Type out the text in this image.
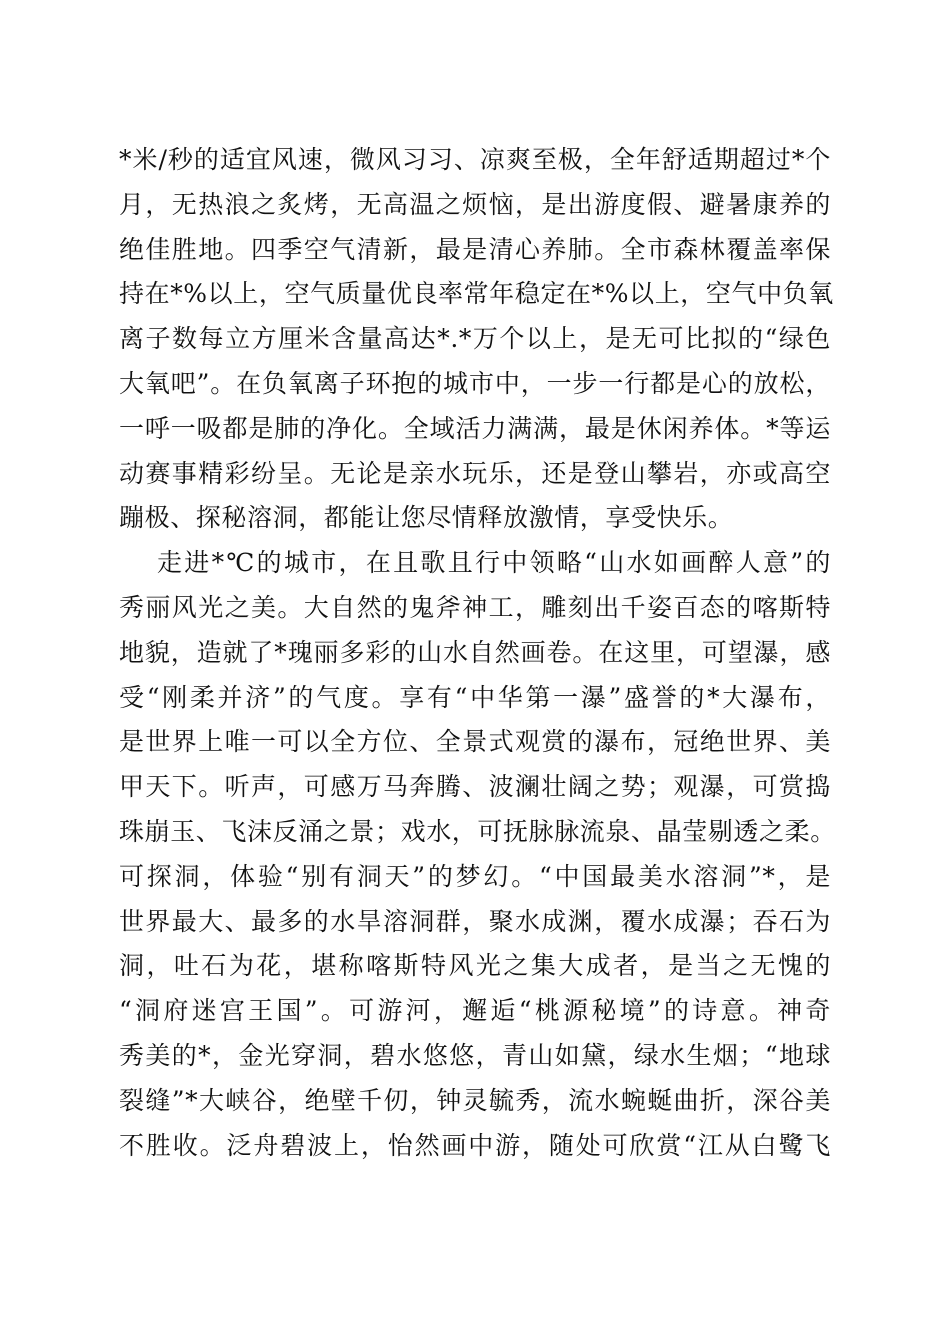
*米/秒的适宜风速，微风习习、凉爽至极，全年舒适期超过*个
月，无热浪之炙烤，无高温之烦恼，是出游度假、避暑康养的
绝佳胜地。四季空气清新，最是清心养肺。全市森林覆盖率保
持在*%以上，空气质量优良率常年稳定在*%以上，空气中负氧
离子数每立方厘米含量高达*.*万个以上，是无可比拟的“绿色
大氧吧”。在负氧离子环抱的城市中，一步一行都是心的放松，
一呼一吸都是肺的净化。全域活力满满，最是休闲养体。*等运
动赛事精彩纷呈。无论是亲水玩乐，还是登山攀岩，亦或高空
蹦极、探秘溶洞，都能让您尽情释放激情，享受快乐。
走进*℃的城市，在且歌且行中领略“山水如画醉人意”的
秀丽风光之美。大自然的鬼斧神工，雕刻出千姿百态的喀斯特
地貌，造就了*瑰丽多彩的山水自然画卷。在这里，可望瀑，感
受“刚柔并济”的气度。享有“中华第一瀑”盛誉的*大瀑布，
是世界上唯一可以全方位、全景式观赏的瀑布，冠绝世界、美
甲天下。听声，可感万马奔腾、波澜壮阔之势；观瀑，可赏捣
珠崩玉、飞沫反涌之景；戏水，可抚脉脉流泉、晶莹剔透之柔。
可探洞，体验“别有洞天”的梦幻。“中国最美水溶洞”*，是
世界最大、最多的水旱溶洞群，聚水成渊，覆水成瀑；吞石为
洞，吐石为花，堪称喀斯特风光之集大成者，是当之无愧的
“洞府迷宫王国”。可游河，邂逅“桃源秘境”的诗意。神奇
秀美的*，金光穿洞，碧水悠悠，青山如黛，绿水生烟；“地球
裂缝”*大峡谷，绝壁千仞，钟灵毓秀，流水蜿蜒曲折，深谷美
不胜收。泛舟碧波上，怡然画中游，随处可欣赏“江从白鹭飞
